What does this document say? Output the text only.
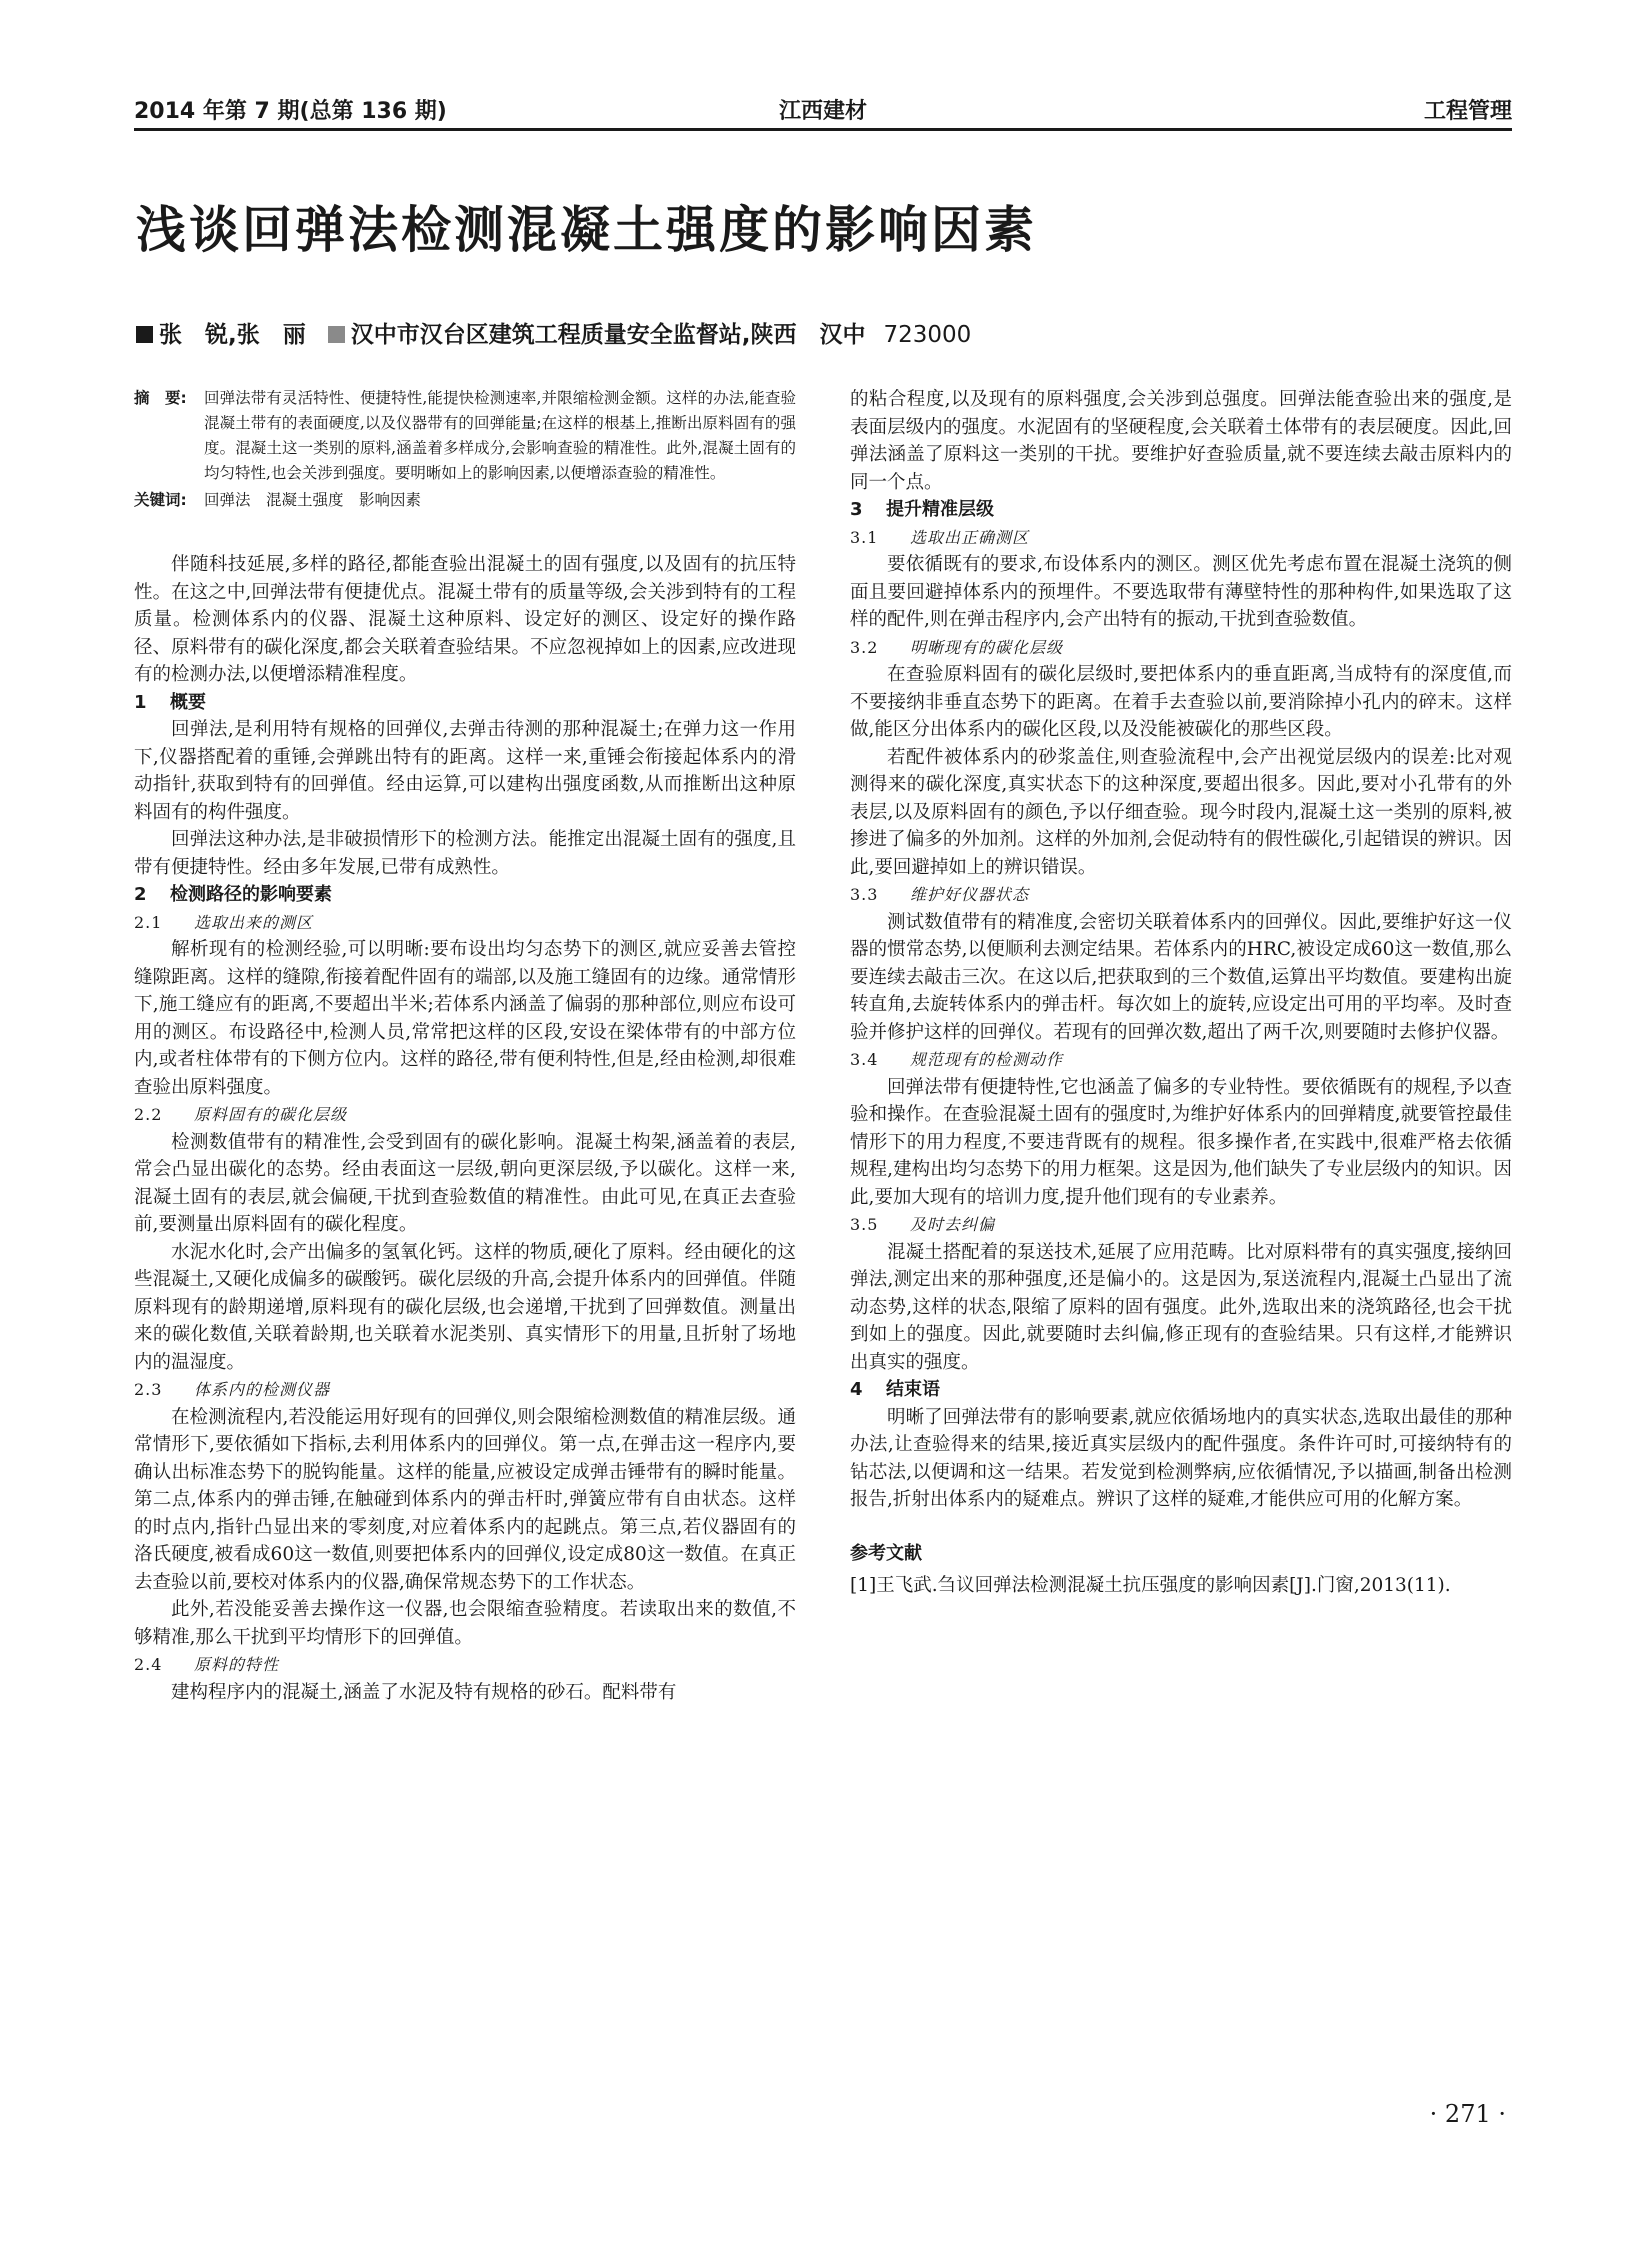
2014 年第 7 期(总第 136 期)	江西建材	工程管理
浅谈回弹法检测混凝土强度的影响因素
张　锐,张　丽 汉中市汉台区建筑工程质量安全监督站,陕西　汉中 723000
摘　要:	回弹法带有灵活特性、便捷特性,能提快检测速率,并限缩检测金额。这样的办法,能查验混凝土带有的表面硬度,以及仪器带有的回弹能量;在这样的根基上,推断出原料固有的强度。混凝土这一类别的原料,涵盖着多样成分,会影响查验的精准性。此外,混凝土固有的均匀特性,也会关涉到强度。要明晰如上的影响因素,以便增添查验的精准性。
关键词:	回弹法　混凝土强度　影响因素

伴随科技延展,多样的路径,都能查验出混凝土的固有强度,以及固有的抗压特性。在这之中,回弹法带有便捷优点。混凝土带有的质量等级,会关涉到特有的工程质量。检测体系内的仪器、混凝土这种原料、设定好的测区、设定好的操作路径、原料带有的碳化深度,都会关联着查验结果。不应忽视掉如上的因素,应改进现有的检测办法,以便增添精准程度。

1 概要

回弹法,是利用特有规格的回弹仪,去弹击待测的那种混凝土;在弹力这一作用下,仪器搭配着的重锤,会弹跳出特有的距离。这样一来,重锤会衔接起体系内的滑动指针,获取到特有的回弹值。经由运算,可以建构出强度函数,从而推断出这种原料固有的构件强度。

回弹法这种办法,是非破损情形下的检测方法。能推定出混凝土固有的强度,且带有便捷特性。经由多年发展,已带有成熟性。

2 检测路径的影响要素
2.1 选取出来的测区

解析现有的检测经验,可以明晰:要布设出均匀态势下的测区,就应妥善去管控缝隙距离。这样的缝隙,衔接着配件固有的端部,以及施工缝固有的边缘。通常情形下,施工缝应有的距离,不要超出半米;若体系内涵盖了偏弱的那种部位,则应布设可用的测区。布设路径中,检测人员,常常把这样的区段,安设在梁体带有的中部方位内,或者柱体带有的下侧方位内。这样的路径,带有便利特性,但是,经由检测,却很难查验出原料强度。

2.2 原料固有的碳化层级

检测数值带有的精准性,会受到固有的碳化影响。混凝土构架,涵盖着的表层,常会凸显出碳化的态势。经由表面这一层级,朝向更深层级,予以碳化。这样一来,混凝土固有的表层,就会偏硬,干扰到查验数值的精准性。由此可见,在真正去查验前,要测量出原料固有的碳化程度。

水泥水化时,会产出偏多的氢氧化钙。这样的物质,硬化了原料。经由硬化的这些混凝土,又硬化成偏多的碳酸钙。碳化层级的升高,会提升体系内的回弹值。伴随原料现有的龄期递增,原料现有的碳化层级,也会递增,干扰到了回弹数值。测量出来的碳化数值,关联着龄期,也关联着水泥类别、真实情形下的用量,且折射了场地内的温湿度。

2.3 体系内的检测仪器

在检测流程内,若没能运用好现有的回弹仪,则会限缩检测数值的精准层级。通常情形下,要依循如下指标,去利用体系内的回弹仪。第一点,在弹击这一程序内,要确认出标准态势下的脱钩能量。这样的能量,应被设定成弹击锤带有的瞬时能量。第二点,体系内的弹击锤,在触碰到体系内的弹击杆时,弹簧应带有自由状态。这样的时点内,指针凸显出来的零刻度,对应着体系内的起跳点。第三点,若仪器固有的洛氏硬度,被看成60这一数值,则要把体系内的回弹仪,设定成80这一数值。在真正去查验以前,要校对体系内的仪器,确保常规态势下的工作状态。

此外,若没能妥善去操作这一仪器,也会限缩查验精度。若读取出来的数值,不够精准,那么干扰到平均情形下的回弹值。

2.4 原料的特性

建构程序内的混凝土,涵盖了水泥及特有规格的砂石。配料带有

的粘合程度,以及现有的原料强度,会关涉到总强度。回弹法能查验出来的强度,是表面层级内的强度。水泥固有的坚硬程度,会关联着土体带有的表层硬度。因此,回弹法涵盖了原料这一类别的干扰。要维护好查验质量,就不要连续去敲击原料内的同一个点。

3 提升精准层级
3.1 选取出正确测区

要依循既有的要求,布设体系内的测区。测区优先考虑布置在混凝土浇筑的侧面且要回避掉体系内的预埋件。不要选取带有薄壁特性的那种构件,如果选取了这样的配件,则在弹击程序内,会产出特有的振动,干扰到查验数值。

3.2 明晰现有的碳化层级

在查验原料固有的碳化层级时,要把体系内的垂直距离,当成特有的深度值,而不要接纳非垂直态势下的距离。在着手去查验以前,要消除掉小孔内的碎末。这样做,能区分出体系内的碳化区段,以及没能被碳化的那些区段。

若配件被体系内的砂浆盖住,则查验流程中,会产出视觉层级内的误差:比对观测得来的碳化深度,真实状态下的这种深度,要超出很多。因此,要对小孔带有的外表层,以及原料固有的颜色,予以仔细查验。现今时段内,混凝土这一类别的原料,被掺进了偏多的外加剂。这样的外加剂,会促动特有的假性碳化,引起错误的辨识。因此,要回避掉如上的辨识错误。

3.3 维护好仪器状态

测试数值带有的精准度,会密切关联着体系内的回弹仪。因此,要维护好这一仪器的惯常态势,以便顺利去测定结果。若体系内的HRC,被设定成60这一数值,那么要连续去敲击三次。在这以后,把获取到的三个数值,运算出平均数值。要建构出旋转直角,去旋转体系内的弹击杆。每次如上的旋转,应设定出可用的平均率。及时查验并修护这样的回弹仪。若现有的回弹次数,超出了两千次,则要随时去修护仪器。

3.4 规范现有的检测动作

回弹法带有便捷特性,它也涵盖了偏多的专业特性。要依循既有的规程,予以查验和操作。在查验混凝土固有的强度时,为维护好体系内的回弹精度,就要管控最佳情形下的用力程度,不要违背既有的规程。很多操作者,在实践中,很难严格去依循规程,建构出均匀态势下的用力框架。这是因为,他们缺失了专业层级内的知识。因此,要加大现有的培训力度,提升他们现有的专业素养。

3.5 及时去纠偏

混凝土搭配着的泵送技术,延展了应用范畴。比对原料带有的真实强度,接纳回弹法,测定出来的那种强度,还是偏小的。这是因为,泵送流程内,混凝土凸显出了流动态势,这样的状态,限缩了原料的固有强度。此外,选取出来的浇筑路径,也会干扰到如上的强度。因此,就要随时去纠偏,修正现有的查验结果。只有这样,才能辨识出真实的强度。

4 结束语

明晰了回弹法带有的影响要素,就应依循场地内的真实状态,选取出最佳的那种办法,让查验得来的结果,接近真实层级内的配件强度。条件许可时,可接纳特有的钻芯法,以便调和这一结果。若发觉到检测弊病,应依循情况,予以描画,制备出检测报告,折射出体系内的疑难点。辨识了这样的疑难,才能供应可用的化解方案。

参考文献

[1]王飞武.刍议回弹法检测混凝土抗压强度的影响因素[J].门窗,2013(11).

· 271 ·
